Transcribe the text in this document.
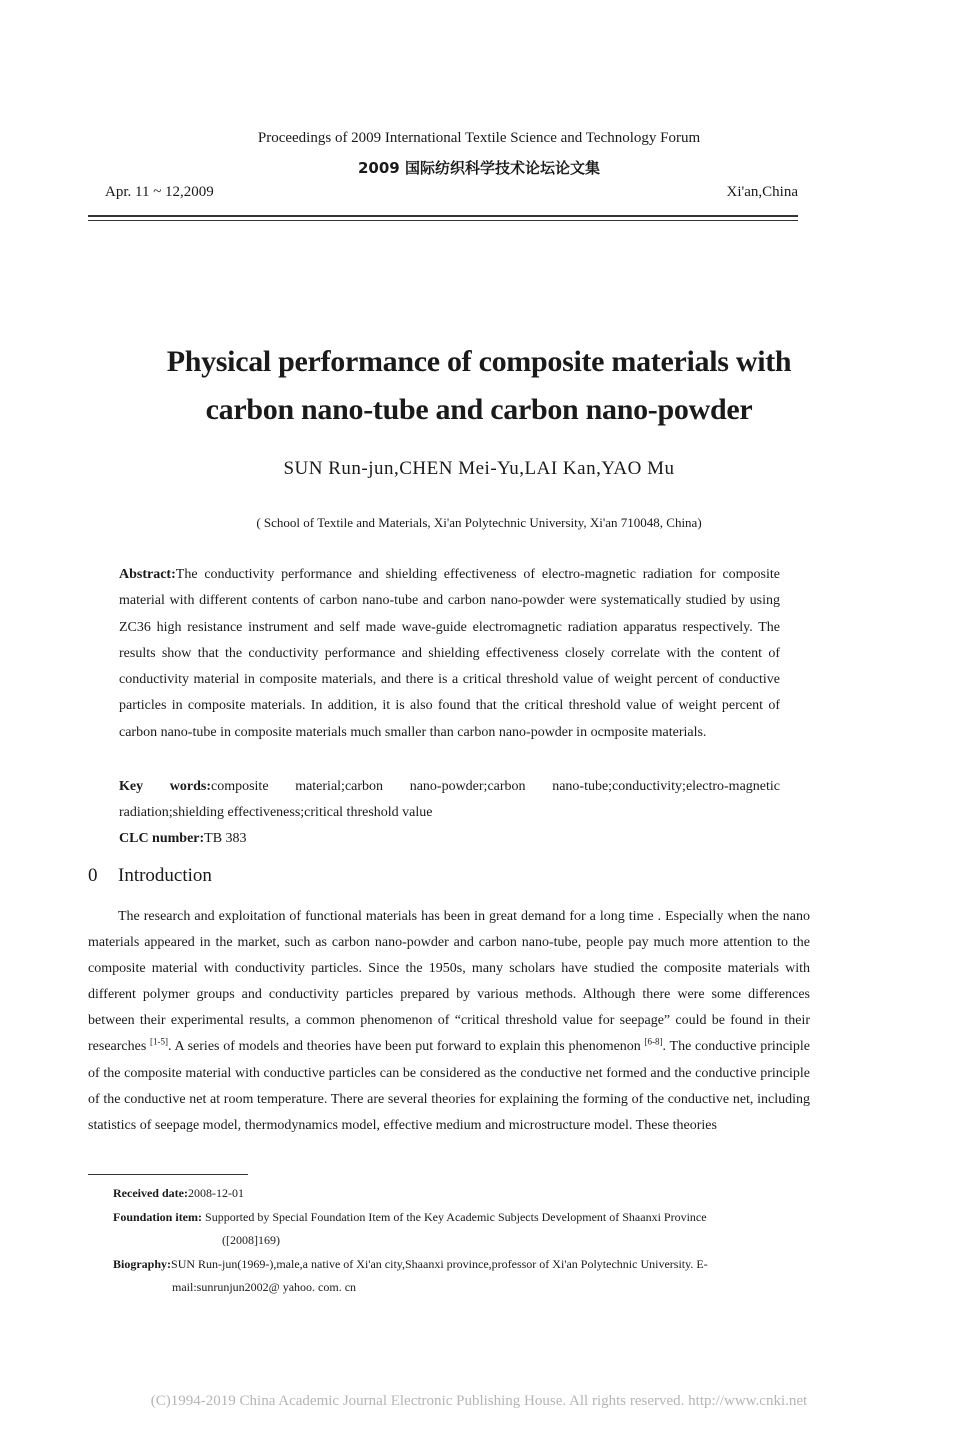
Proceedings of 2009 International Textile Science and Technology Forum
2009 国际纺织科学技术论坛论文集
Apr. 11 ~ 12,2009	Xi'an,China
Physical performance of composite materials with
carbon nano-tube and carbon nano-powder
SUN Run-jun,CHEN Mei-Yu,LAI Kan,YAO Mu
( School of Textile and Materials, Xi'an Polytechnic University, Xi'an 710048, China)
Abstract:The conductivity performance and shielding effectiveness of electro-magnetic radiation for composite material with different contents of carbon nano-tube and carbon nano-powder were systematically studied by using ZC36 high resistance instrument and self made wave-guide electromagnetic radiation apparatus respectively. The results show that the conductivity performance and shielding effectiveness closely correlate with the content of conductivity material in composite materials, and there is a critical threshold value of weight percent of conductive particles in composite materials. In addition, it is also found that the critical threshold value of weight percent of carbon nano-tube in composite materials much smaller than carbon nano-powder in ocmposite materials.
Key words:composite material;carbon nano-powder;carbon nano-tube;conductivity;electro-magnetic radiation;shielding effectiveness;critical threshold value
CLC number:TB 383
0 Introduction
The research and exploitation of functional materials has been in great demand for a long time . Especially when the nano materials appeared in the market, such as carbon nano-powder and carbon nano-tube, people pay much more attention to the composite material with conductivity particles. Since the 1950s, many scholars have studied the composite materials with different polymer groups and conductivity particles prepared by various methods. Although there were some differences between their experimental results, a common phenomenon of “critical threshold value for seepage” could be found in their researches [1-5]. A series of models and theories have been put forward to explain this phenomenon [6-8]. The conductive principle of the composite material with conductive particles can be considered as the conductive net formed and the conductive principle of the conductive net at room temperature. There are several theories for explaining the forming of the conductive net, including statistics of seepage model, thermodynamics model, effective medium and microstructure model. These theories
Received date:2008-12-01
Foundation item: Supported by Special Foundation Item of the Key Academic Subjects Development of Shaanxi Province
([2008]169)
Biography:SUN Run-jun(1969-),male,a native of Xi'an city,Shaanxi province,professor of Xi'an Polytechnic University. E-
mail:sunrunjun2002@ yahoo. com. cn
(C)1994-2019 China Academic Journal Electronic Publishing House. All rights reserved. http://www.cnki.net
